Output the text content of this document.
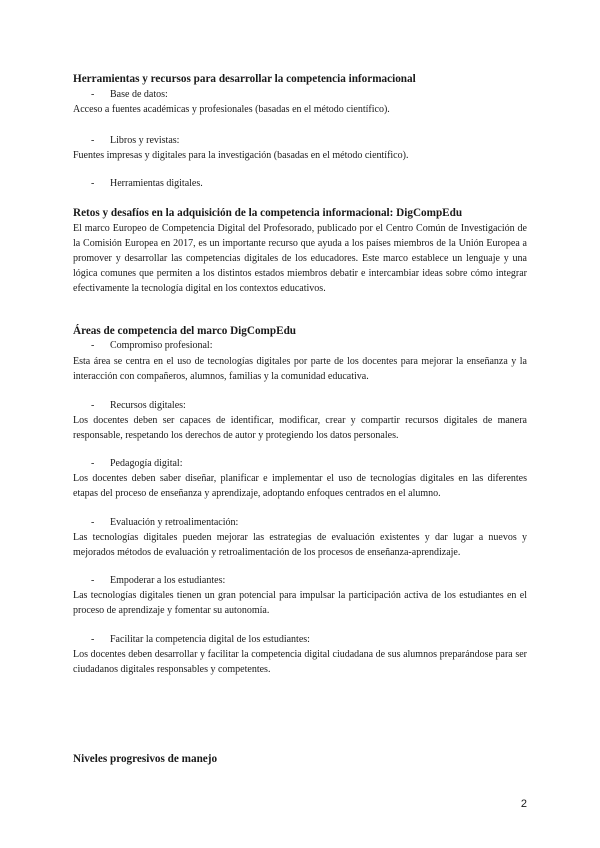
Herramientas y recursos para desarrollar la competencia informacional
- Base de datos:
Acceso a fuentes académicas y profesionales (basadas en el método científico).
- Libros y revistas:
Fuentes impresas y digitales para la investigación (basadas en el método científico).
- Herramientas digitales.
Retos y desafíos en la adquisición de la competencia informacional: DigCompEdu
El marco Europeo de Competencia Digital del Profesorado, publicado por el Centro Común de Investigación de la Comisión Europea en 2017, es un importante recurso que ayuda a los países miembros de la Unión Europea a promover y desarrollar las competencias digitales de los educadores. Este marco establece un lenguaje y una lógica comunes que permiten a los distintos estados miembros debatir e intercambiar ideas sobre cómo integrar efectivamente la tecnología digital en los contextos educativos.
Áreas de competencia del marco DigCompEdu
- Compromiso profesional:
Esta área se centra en el uso de tecnologías digitales por parte de los docentes para mejorar la enseñanza y la interacción con compañeros, alumnos, familias y la comunidad educativa.
- Recursos digitales:
Los docentes deben ser capaces de identificar, modificar, crear y compartir recursos digitales de manera responsable, respetando los derechos de autor y protegiendo los datos personales.
- Pedagogía digital:
Los docentes deben saber diseñar, planificar e implementar el uso de tecnologías digitales en las diferentes etapas del proceso de enseñanza y aprendizaje, adoptando enfoques centrados en el alumno.
- Evaluación y retroalimentación:
Las tecnologías digitales pueden mejorar las estrategias de evaluación existentes y dar lugar a nuevos y mejorados métodos de evaluación y retroalimentación de los procesos de enseñanza-aprendizaje.
- Empoderar a los estudiantes:
Las tecnologías digitales tienen un gran potencial para impulsar la participación activa de los estudiantes en el proceso de aprendizaje y fomentar su autonomía.
- Facilitar la competencia digital de los estudiantes:
Los docentes deben desarrollar y facilitar la competencia digital ciudadana de sus alumnos preparándose para ser ciudadanos digitales responsables y competentes.
Niveles progresivos de manejo
2
